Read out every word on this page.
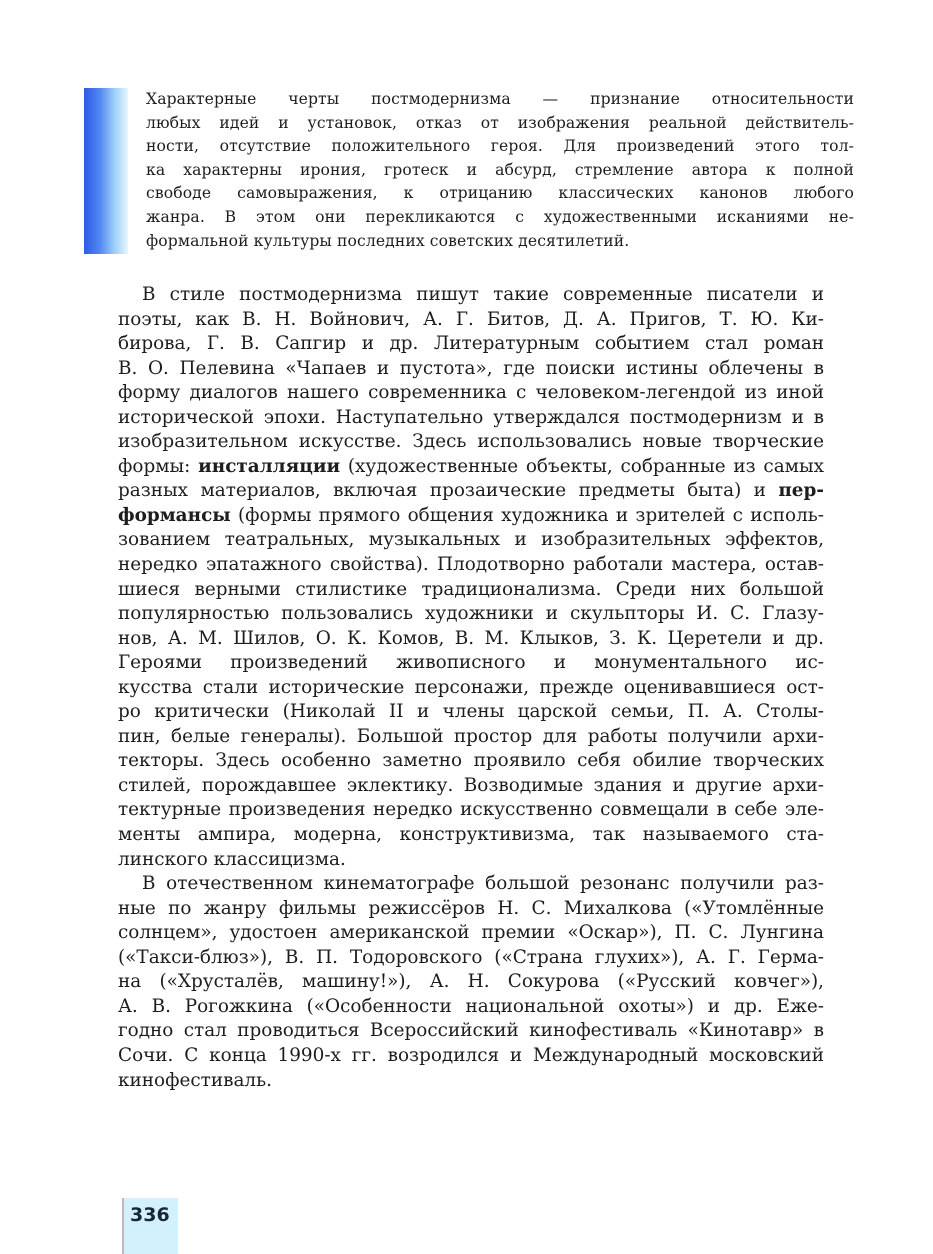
Характерные черты постмодернизма — признание относительности
любых идей и установок, отказ от изображения реальной действитель-
ности, отсутствие положительного героя. Для произведений этого тол-
ка характерны ирония, гротеск и абсурд, стремление автора к полной
свободе самовыражения, к отрицанию классических канонов любого
жанра. В этом они перекликаются с художественными исканиями не-
формальной культуры последних советских десятилетий.
В стиле постмодернизма пишут такие современные писатели и
поэты, как В. Н. Войнович, А. Г. Битов, Д. А. Пригов, Т. Ю. Ки-
бирова, Г. В. Сапгир и др. Литературным событием стал роман
В. О. Пелевина «Чапаев и пустота», где поиски истины облечены в
форму диалогов нашего современника с человеком-легендой из иной
исторической эпохи. Наступательно утверждался постмодернизм и в
изобразительном искусстве. Здесь использовались новые творческие
формы: инсталляции (художественные объекты, собранные из самых
разных материалов, включая прозаические предметы быта) и пер-
формансы (формы прямого общения художника и зрителей с исполь-
зованием театральных, музыкальных и изобразительных эффектов,
нередко эпатажного свойства). Плодотворно работали мастера, остав-
шиеся верными стилистике традиционализма. Среди них большой
популярностью пользовались художники и скульпторы И. С. Глазу-
нов, А. М. Шилов, О. К. Комов, В. М. Клыков, З. К. Церетели и др.
Героями произведений живописного и монументального ис-
кусства стали исторические персонажи, прежде оценивавшиеся ост-
ро критически (Николай II и члены царской семьи, П. А. Столы-
пин, белые генералы). Большой простор для работы получили архи-
текторы. Здесь особенно заметно проявило себя обилие творческих
стилей, порождавшее эклектику. Возводимые здания и другие архи-
тектурные произведения нередко искусственно совмещали в себе эле-
менты ампира, модерна, конструктивизма, так называемого ста-
линского классицизма.
В отечественном кинематографе большой резонанс получили раз-
ные по жанру фильмы режиссёров Н. С. Михалкова («Утомлённые
солнцем», удостоен американской премии «Оскар»), П. С. Лунгина
(«Такси-блюз»), В. П. Тодоровского («Страна глухих»), А. Г. Герма-
на («Хрусталёв, машину!»), А. Н. Сокурова («Русский ковчег»),
А. В. Рогожкина («Особенности национальной охоты») и др. Еже-
годно стал проводиться Всероссийский кинофестиваль «Кинотавр» в
Сочи. С конца 1990-х гг. возродился и Международный московский
кинофестиваль.
336
